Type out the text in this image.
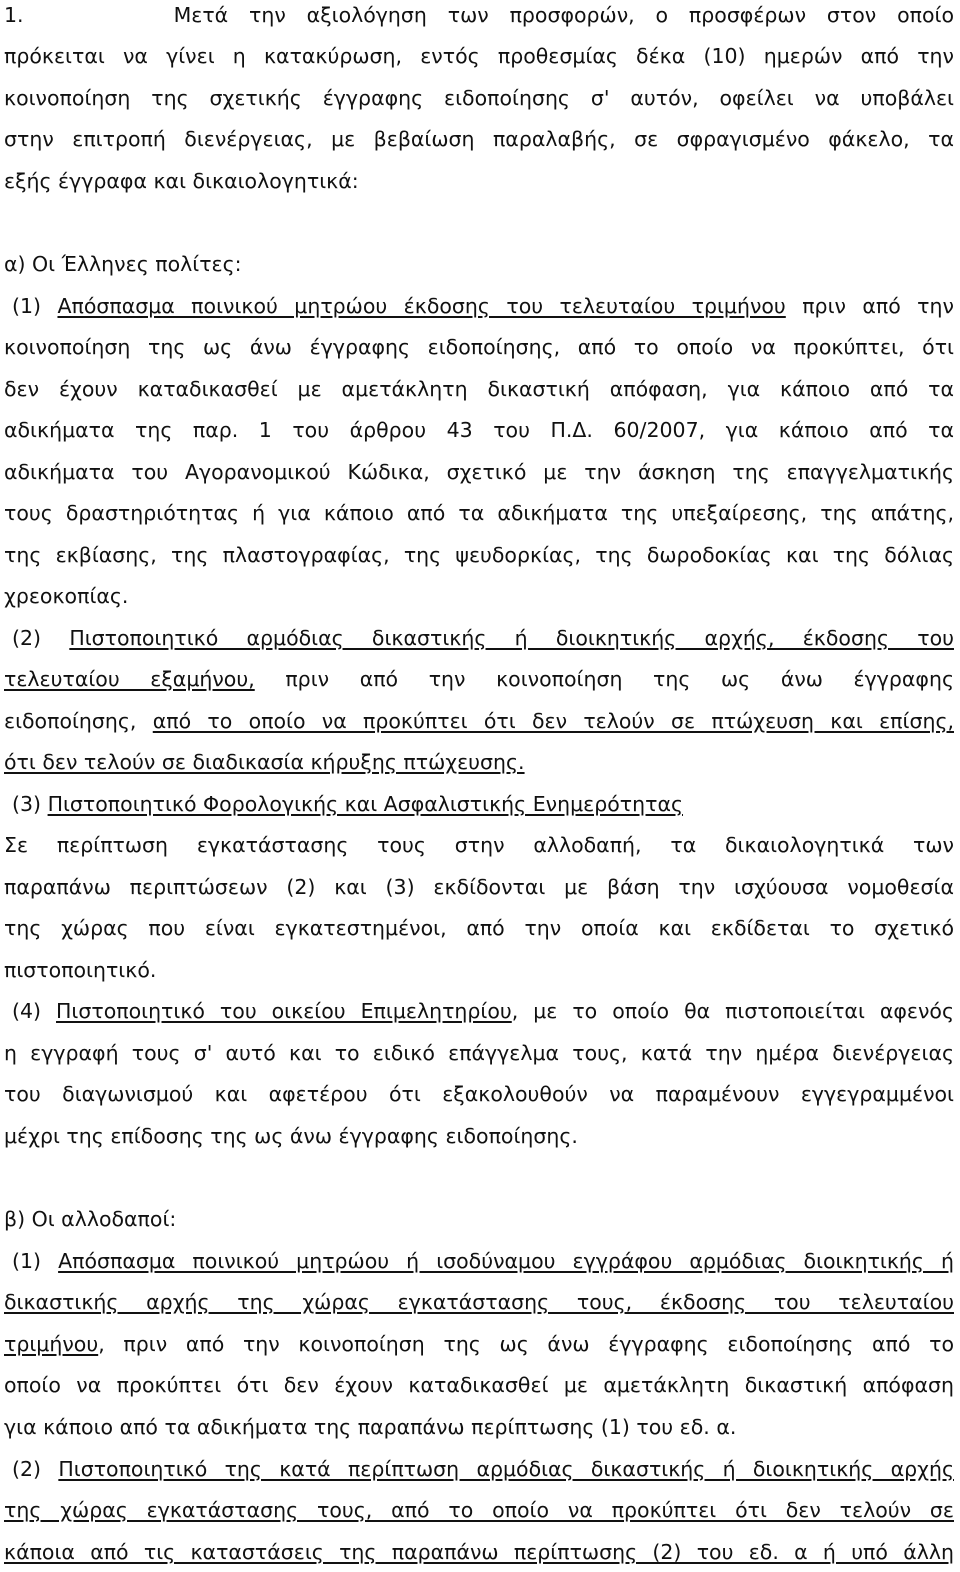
1.	Μετά την αξιολόγηση των προσφορών, ο προσφέρων στον οποίο
πρόκειται να γίνει η κατακύρωση, εντός προθεσμίας δέκα (10) ημερών από την
κοινοποίηση της σχετικής έγγραφης ειδοποίησης σ' αυτόν, οφείλει να υποβάλει
στην επιτροπή διενέργειας, με βεβαίωση παραλαβής, σε σφραγισμένο φάκελο, τα
εξής έγγραφα και δικαιολογητικά:
α) Οι Έλληνες πολίτες:
(1) Απόσπασμα ποινικού μητρώου έκδοσης του τελευταίου τριμήνου πριν από την
κοινοποίηση της ως άνω έγγραφης ειδοποίησης, από το οποίο να προκύπτει, ότι
δεν έχουν καταδικασθεί με αμετάκλητη δικαστική απόφαση, για κάποιο από τα
αδικήματα της παρ. 1 του άρθρου 43 του Π.Δ. 60/2007, για κάποιο από τα
αδικήματα του Αγορανομικού Κώδικα, σχετικό με την άσκηση της επαγγελματικής
τους δραστηριότητας ή για κάποιο από τα αδικήματα της υπεξαίρεσης, της απάτης,
της εκβίασης, της πλαστογραφίας, της ψευδορκίας, της δωροδοκίας και της δόλιας
χρεοκοπίας.
(2) Πιστοποιητικό αρμόδιας δικαστικής ή διοικητικής αρχής, έκδοσης του
τελευταίου εξαμήνου, πριν από την κοινοποίηση της ως άνω έγγραφης
ειδοποίησης, από το οποίο να προκύπτει ότι δεν τελούν σε πτώχευση και επίσης,
ότι δεν τελούν σε διαδικασία κήρυξης πτώχευσης.
(3) Πιστοποιητικό Φορολογικής και Ασφαλιστικής Ενημερότητας
Σε περίπτωση εγκατάστασης τους στην αλλοδαπή, τα δικαιολογητικά των
παραπάνω περιπτώσεων (2) και (3) εκδίδονται με βάση την ισχύουσα νομοθεσία
της χώρας που είναι εγκατεστημένοι, από την οποία και εκδίδεται το σχετικό
πιστοποιητικό.
(4) Πιστοποιητικό του οικείου Επιμελητηρίου, με το οποίο θα πιστοποιείται αφενός
η εγγραφή τους σ' αυτό και το ειδικό επάγγελμα τους, κατά την ημέρα διενέργειας
του διαγωνισμού και αφετέρου ότι εξακολουθούν να παραμένουν εγγεγραμμένοι
μέχρι της επίδοσης της ως άνω έγγραφης ειδοποίησης.
β) Οι αλλοδαποί:
(1) Απόσπασμα ποινικού μητρώου ή ισοδύναμου εγγράφου αρμόδιας διοικητικής ή
δικαστικής αρχής της χώρας εγκατάστασης τους, έκδοσης του τελευταίου
τριμήνου, πριν από την κοινοποίηση της ως άνω έγγραφης ειδοποίησης από το
οποίο να προκύπτει ότι δεν έχουν καταδικασθεί με αμετάκλητη δικαστική απόφαση
για κάποιο από τα αδικήματα της παραπάνω περίπτωσης (1) του εδ. α.
(2) Πιστοποιητικό της κατά περίπτωση αρμόδιας δικαστικής ή διοικητικής αρχής
της χώρας εγκατάστασης τους, από το οποίο να προκύπτει ότι δεν τελούν σε
κάποια από τις καταστάσεις της παραπάνω περίπτωσης (2) του εδ. α ή υπό άλλη
